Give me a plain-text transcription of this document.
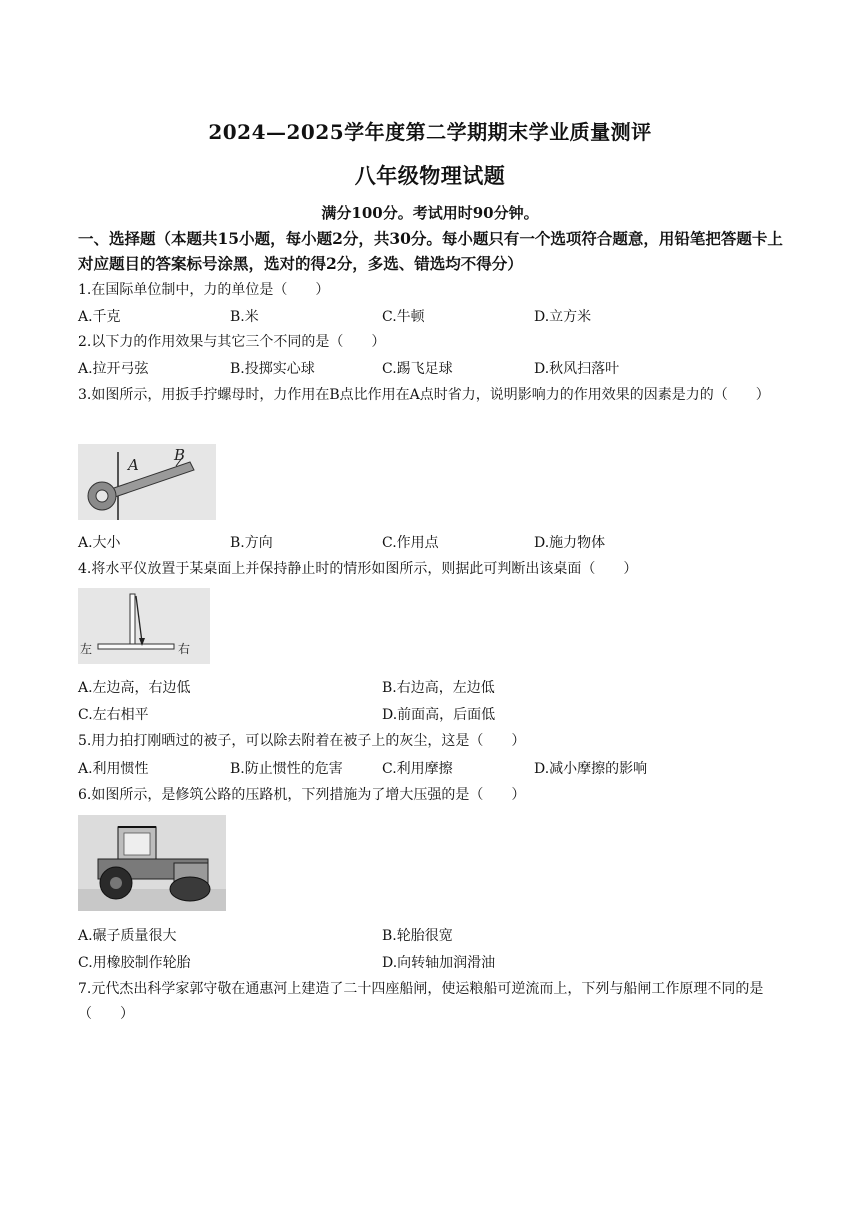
2024—2025学年度第二学期期末学业质量测评
八年级物理试题
满分100分。考试用时90分钟。
一、选择题（本题共15小题，每小题2分，共30分。每小题只有一个选项符合题意，用铅笔把答题卡上对应题目的答案标号涂黑，选对的得2分，多选、错选均不得分）
1.在国际单位制中，力的单位是（　　）
A.千克	B.米	C.牛顿	D.立方米
2.以下力的作用效果与其它三个不同的是（　　）
A.拉开弓弦	B.投掷实心球	C.踢飞足球	D.秋风扫落叶
3.如图所示，用扳手拧螺母时，力作用在B点比作用在A点时省力，说明影响力的作用效果的因素是力的（　　）
A
B
A.大小	B.方向	C.作用点	D.施力物体
4.将水平仪放置于某桌面上并保持静止时的情形如图所示，则据此可判断出该桌面（　　）
左	右
A.左边高，右边低	B.右边高，左边低
C.左右相平	D.前面高，后面低
5.用力拍打刚晒过的被子，可以除去附着在被子上的灰尘，这是（　　）
A.利用惯性	B.防止惯性的危害	C.利用摩擦	D.减小摩擦的影响
6.如图所示，是修筑公路的压路机，下列措施为了增大压强的是（　　）
A.碾子质量很大	B.轮胎很宽
C.用橡胶制作轮胎	D.向转轴加润滑油
7.元代杰出科学家郭守敬在通惠河上建造了二十四座船闸，使运粮船可逆流而上，下列与船闸工作原理不同的是（　　）
